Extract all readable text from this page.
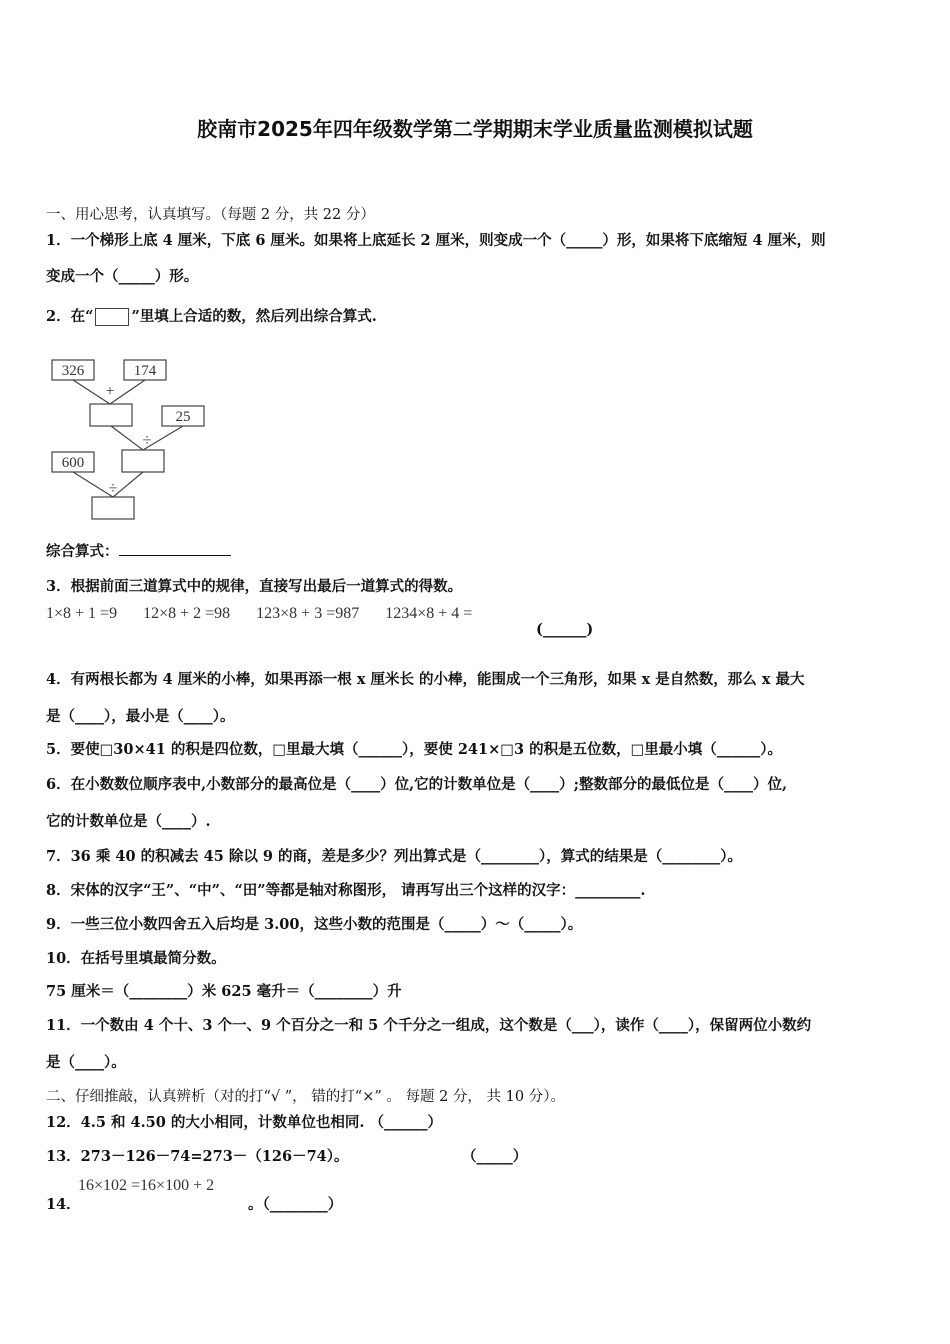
胶南市2025年四年级数学第二学期期末学业质量监测模拟试题
一、用心思考，认真填写。（每题 2 分，共 22 分）
1．一个梯形上底 4 厘米，下底 6 厘米。如果将上底延长 2 厘米，则变成一个（_____）形，如果将下底缩短 4 厘米，则
变成一个（_____）形。
2．在“	”里填上合适的数，然后列出综合算式.
326	174
+
25
÷
600
÷
综合算式：
3．根据前面三道算式中的规律，直接写出最后一道算式的得数。
1×8 + 1 =9 12×8 + 2 =98 123×8 + 3 =987 1234×8 + 4 =
(______)
4．有两根长都为 4 厘米的小棒，如果再添一根 x 厘米长 的小棒，能围成一个三角形，如果 x 是自然数，那么 x 最大
是（____），最小是（____）。
5．要使□30×41 的积是四位数，□里最大填（______），要使 241×□3 的积是五位数，□里最小填（______）。
6．在小数数位顺序表中,小数部分的最高位是（____）位,它的计数单位是（____）;整数部分的最低位是（____）位,
它的计数单位是（____）.
7．36 乘 40 的积减去 45 除以 9 的商，差是多少？列出算式是（________），算式的结果是（________）。
8．宋体的汉字“王”、“中”、“田”等都是轴对称图形， 请再写出三个这样的汉字：_________.
9．一些三位小数四舍五入后均是 3.00，这些小数的范围是（_____）～（_____）。
10．在括号里填最简分数。
75 厘米＝（________）米 625 毫升＝（________）升
11．一个数由 4 个十、3 个一、9 个百分之一和 5 个千分之一组成，这个数是（___），读作（____），保留两位小数约
是（____）。
二、仔细推敲，认真辨析（对的打“√ ”， 错的打“×” 。 每题 2 分， 共 10 分）。
12．4.5 和 4.50 的大小相同，计数单位也相同. （______）
13．273－126－74=273－（126－74）。	（_____）
16×102 =16×100 + 2
14．	。（________）
